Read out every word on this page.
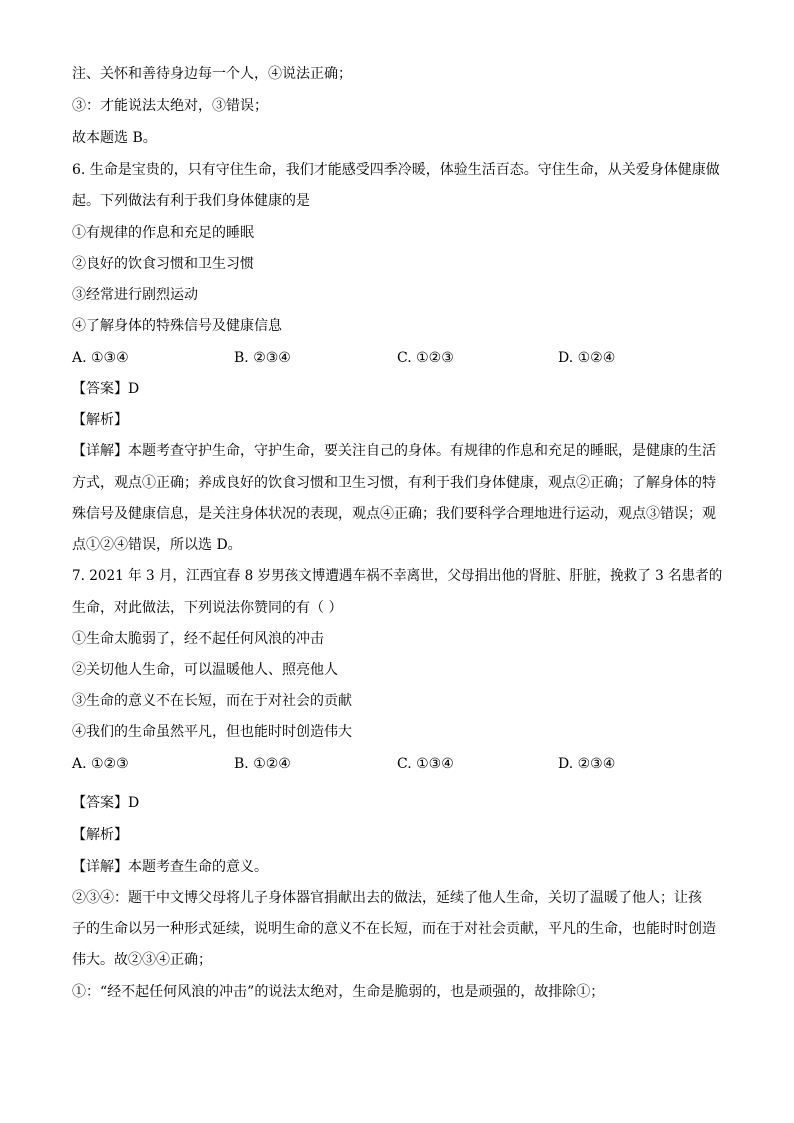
注、关怀和善待身边每一个人，④说法正确；
③：才能说法太绝对，③错误；
故本题选 B。
6. 生命是宝贵的，只有守住生命，我们才能感受四季冷暖，体验生活百态。守住生命，从关爱身体健康做
起。下列做法有利于我们身体健康的是
①有规律的作息和充足的睡眠
②良好的饮食习惯和卫生习惯
③经常进行剧烈运动
④了解身体的特殊信号及健康信息
A. ①③④	B. ②③④	C. ①②③	D. ①②④
【答案】D
【解析】
【详解】本题考查守护生命，守护生命，要关注自己的身体。有规律的作息和充足的睡眠，是健康的生活
方式，观点①正确；养成良好的饮食习惯和卫生习惯，有利于我们身体健康，观点②正确；了解身体的特
殊信号及健康信息，是关注身体状况的表现，观点④正确；我们要科学合理地进行运动，观点③错误；观
点①②④错误，所以选 D。
7. 2021 年 3 月，江西宜春 8 岁男孩文博遭遇车祸不幸离世，父母捐出他的肾脏、肝脏，挽救了 3 名患者的
生命，对此做法，下列说法你赞同的有（ ）
①生命太脆弱了，经不起任何风浪的冲击
②关切他人生命，可以温暖他人、照亮他人
③生命的意义不在长短，而在于对社会的贡献
④我们的生命虽然平凡，但也能时时创造伟大
A. ①②③	B. ①②④	C. ①③④	D. ②③④
【答案】D
【解析】
【详解】本题考查生命的意义。
②③④：题干中文博父母将儿子身体器官捐献出去的做法，延续了他人生命，关切了温暖了他人；让孩
子的生命以另一种形式延续，说明生命的意义不在长短，而在于对社会贡献，平凡的生命，也能时时创造
伟大。故②③④正确；
①：“经不起任何风浪的冲击”的说法太绝对，生命是脆弱的，也是顽强的，故排除①；
